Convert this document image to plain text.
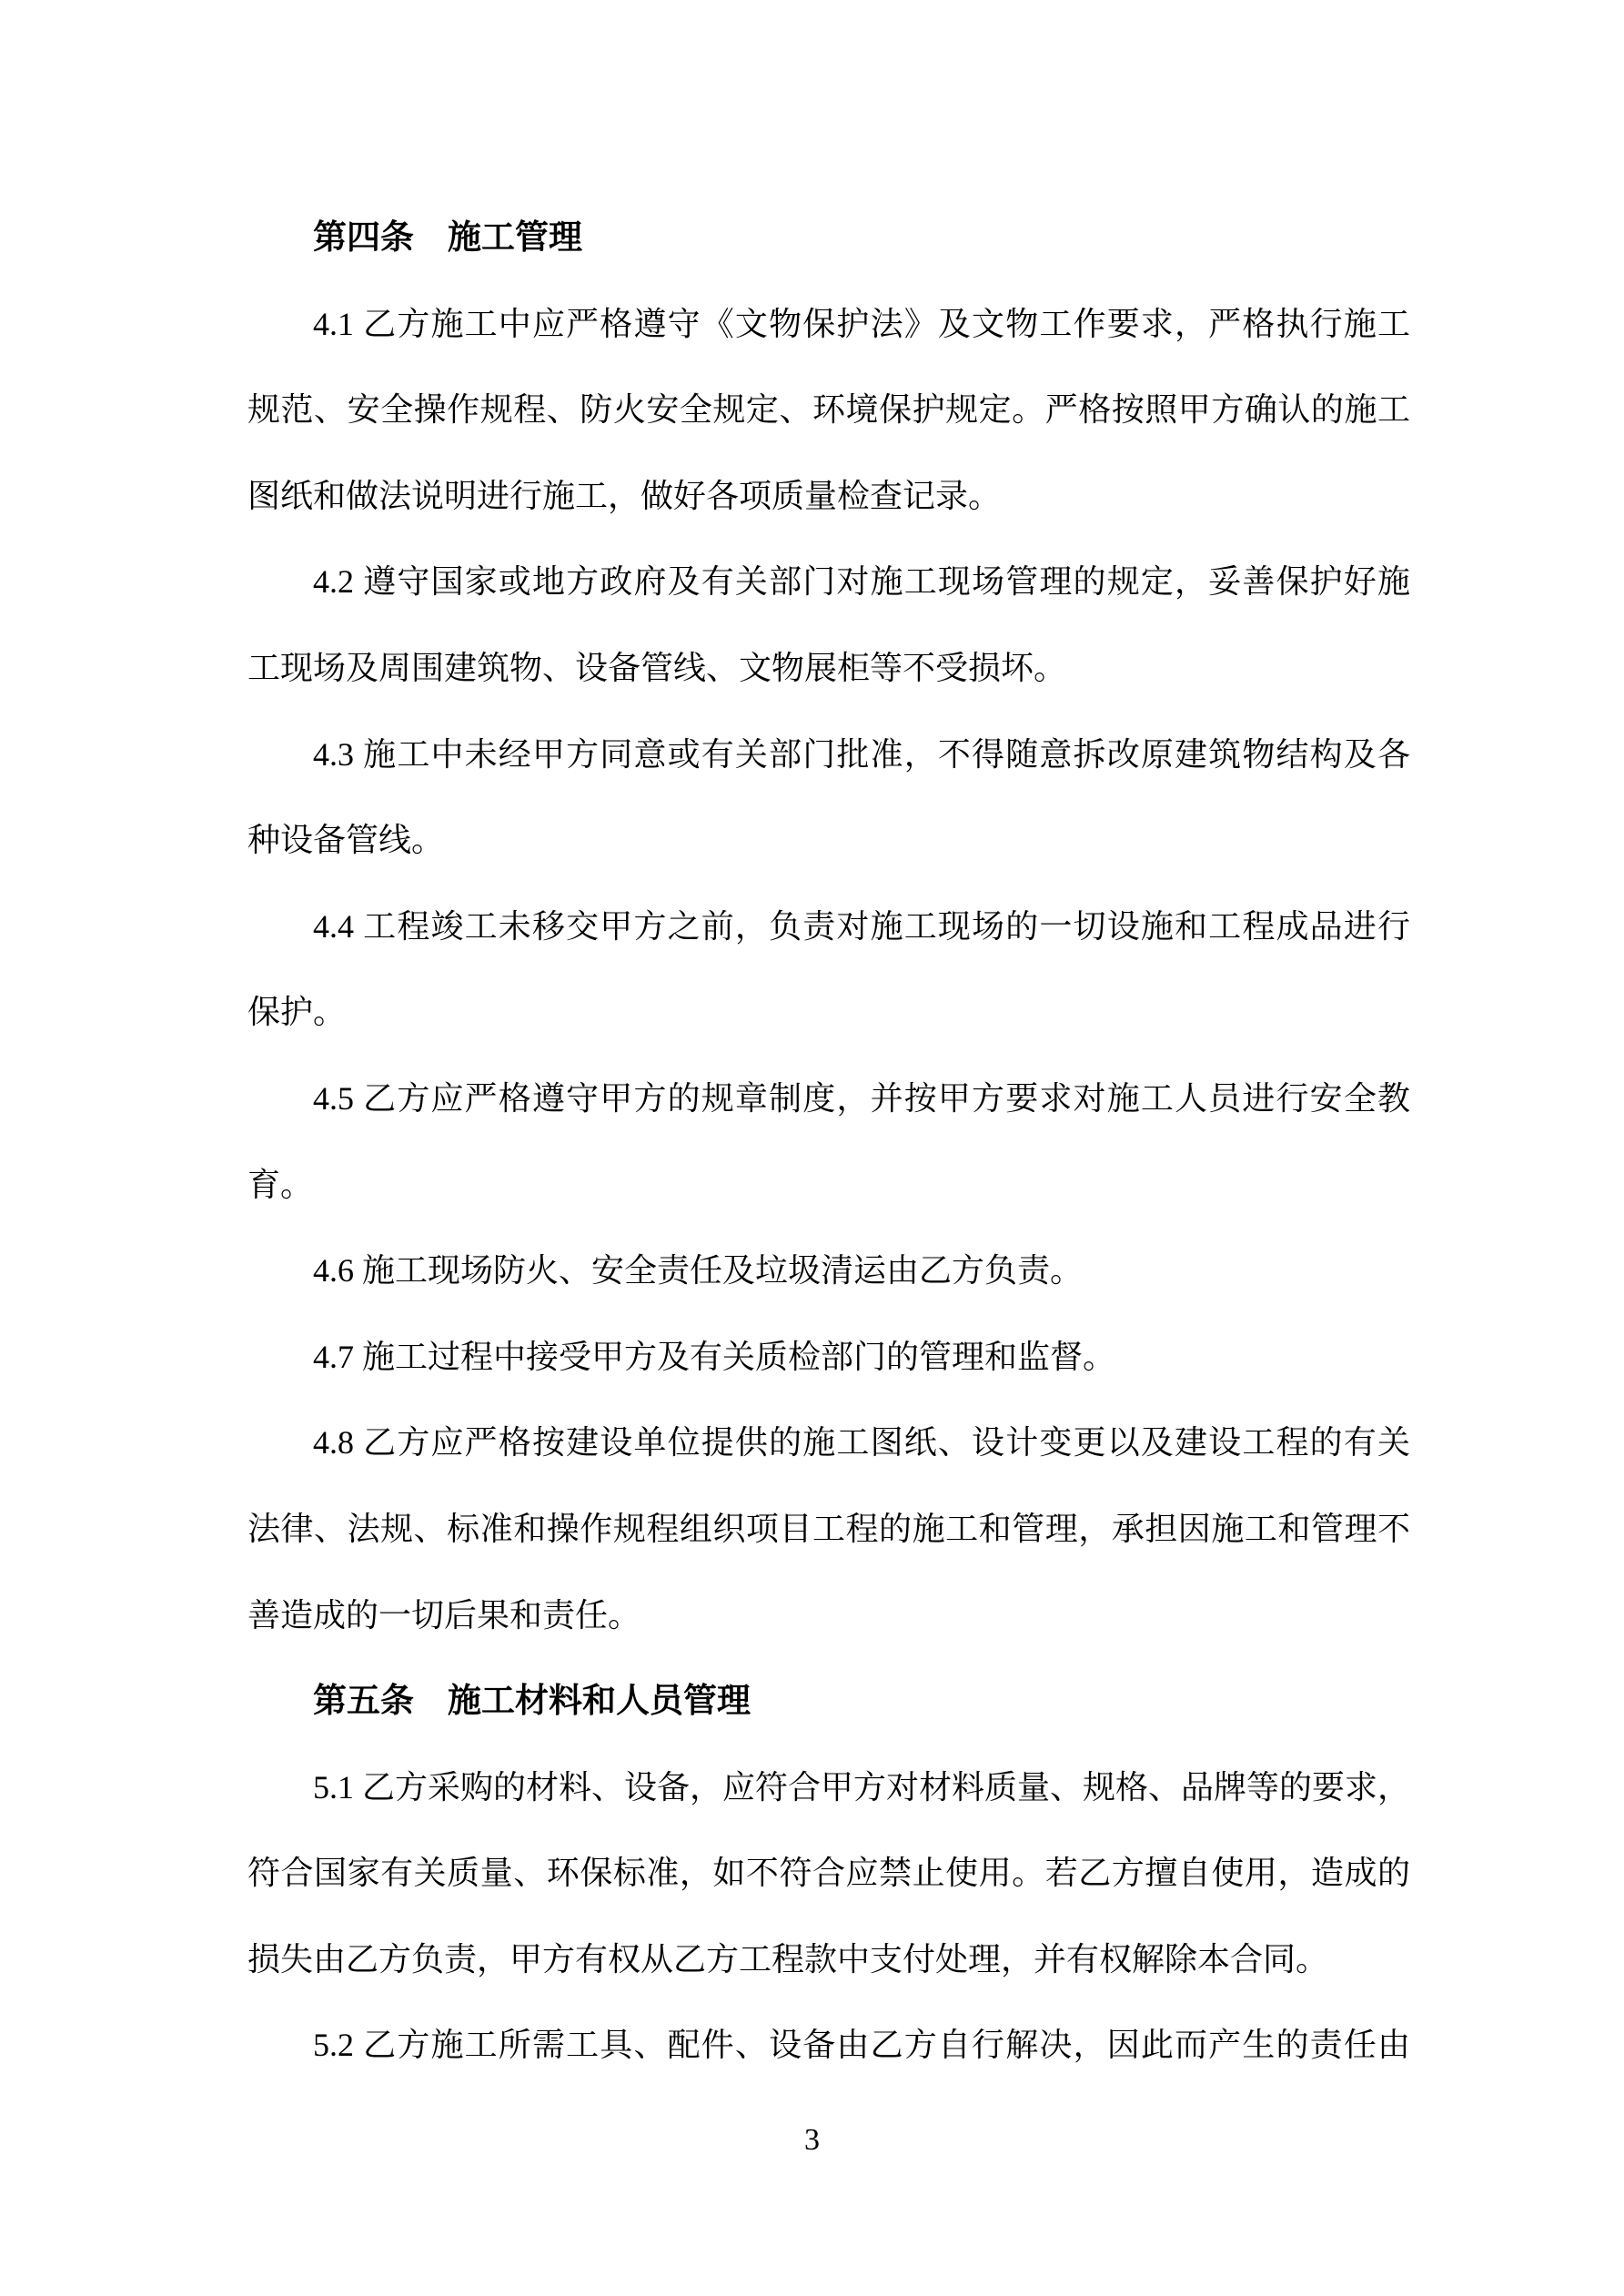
第四条　施工管理
4.1 乙方施工中应严格遵守《文物保护法》及文物工作要求，严格执行施工
规范、安全操作规程、防火安全规定、环境保护规定。严格按照甲方确认的施工
图纸和做法说明进行施工，做好各项质量检查记录。
4.2 遵守国家或地方政府及有关部门对施工现场管理的规定，妥善保护好施
工现场及周围建筑物、设备管线、文物展柜等不受损坏。
4.3 施工中未经甲方同意或有关部门批准，不得随意拆改原建筑物结构及各
种设备管线。
4.4 工程竣工未移交甲方之前，负责对施工现场的一切设施和工程成品进行
保护。
4.5 乙方应严格遵守甲方的规章制度，并按甲方要求对施工人员进行安全教
育。
4.6 施工现场防火、安全责任及垃圾清运由乙方负责。
4.7 施工过程中接受甲方及有关质检部门的管理和监督。
4.8 乙方应严格按建设单位提供的施工图纸、设计变更以及建设工程的有关
法律、法规、标准和操作规程组织项目工程的施工和管理，承担因施工和管理不
善造成的一切后果和责任。
第五条　施工材料和人员管理
5.1 乙方采购的材料、设备，应符合甲方对材料质量、规格、品牌等的要求，
符合国家有关质量、环保标准，如不符合应禁止使用。若乙方擅自使用，造成的
损失由乙方负责，甲方有权从乙方工程款中支付处理，并有权解除本合同。
5.2 乙方施工所需工具、配件、设备由乙方自行解决，因此而产生的责任由
3
